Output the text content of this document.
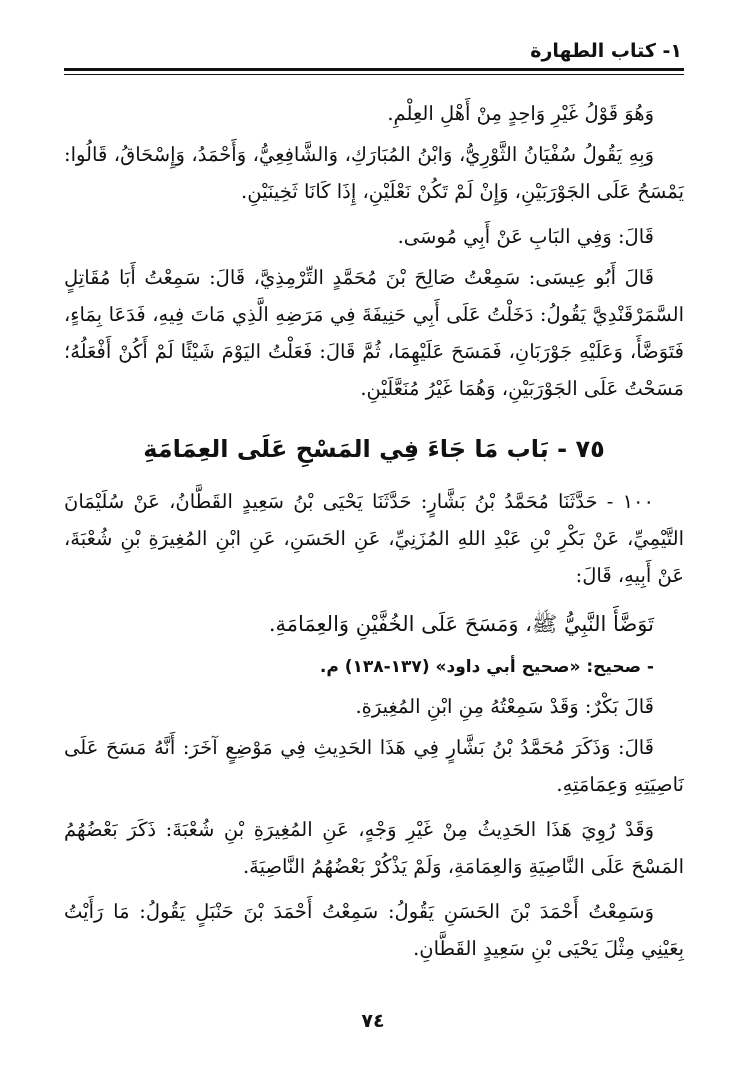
١- كتاب الطهارة

وَهُوَ قَوْلُ غَيْرِ وَاحِدٍ مِنْ أَهْلِ العِلْمِ.

وَبِهِ يَقُولُ سُفْيَانُ الثَّوْرِيُّ، وَابْنُ المُبَارَكِ، وَالشَّافِعِيُّ، وَأَحْمَدُ، وَإِسْحَاقُ، قَالُوا: يَمْسَحُ عَلَى الجَوْرَبَيْنِ، وَإِنْ لَمْ تَكُنْ نَعْلَيْنِ، إِذَا كَانَا ثَخِينَيْنِ.

قَالَ: وَفِي البَابِ عَنْ أَبِي مُوسَى.

قَالَ أَبُو عِيسَى: سَمِعْتُ صَالِحَ بْنَ مُحَمَّدٍ التِّرْمِذِيَّ، قَالَ: سَمِعْتُ أَبَا مُقَاتِلٍ السَّمَرْقَنْدِيَّ يَقُولُ: دَخَلْتُ عَلَى أَبِي حَنِيفَةَ فِي مَرَضِهِ الَّذِي مَاتَ فِيهِ، فَدَعَا بِمَاءٍ، فَتَوَضَّأَ، وَعَلَيْهِ جَوْرَبَانِ، فَمَسَحَ عَلَيْهِمَا، ثُمَّ قَالَ: فَعَلْتُ اليَوْمَ شَيْئًا لَمْ أَكُنْ أَفْعَلُهُ؛ مَسَحْتُ عَلَى الجَوْرَبَيْنِ، وَهُمَا غَيْرُ مُنَعَّلَيْنِ.

٧٥ - بَاب مَا جَاءَ فِي المَسْحِ عَلَى العِمَامَةِ

١٠٠ - حَدَّثَنَا مُحَمَّدُ بْنُ بَشَّارٍ: حَدَّثَنَا يَحْيَى بْنُ سَعِيدٍ القَطَّانُ، عَنْ سُلَيْمَانَ التَّيْمِيِّ، عَنْ بَكْرِ بْنِ عَبْدِ اللهِ المُزَنِيِّ، عَنِ الحَسَنِ، عَنِ ابْنِ المُغِيرَةِ بْنِ شُعْبَةَ، عَنْ أَبِيهِ، قَالَ:

تَوَضَّأَ النَّبِيُّ ﷺ، وَمَسَحَ عَلَى الخُفَّيْنِ وَالعِمَامَةِ.

- صحيح: «صحيح أبي داود» (١٣٧-١٣٨) م.

قَالَ بَكْرٌ: وَقَدْ سَمِعْتُهُ مِنِ ابْنِ المُغِيرَةِ.

قَالَ: وَذَكَرَ مُحَمَّدُ بْنُ بَشَّارٍ فِي هَذَا الحَدِيثِ فِي مَوْضِعٍ آخَرَ: أَنَّهُ مَسَحَ عَلَى نَاصِيَتِهِ وَعِمَامَتِهِ.

وَقَدْ رُوِيَ هَذَا الحَدِيثُ مِنْ غَيْرِ وَجْهٍ، عَنِ المُغِيرَةِ بْنِ شُعْبَةَ: ذَكَرَ بَعْضُهُمُ المَسْحَ عَلَى النَّاصِيَةِ وَالعِمَامَةِ، وَلَمْ يَذْكُرْ بَعْضُهُمُ النَّاصِيَةَ.

وَسَمِعْتُ أَحْمَدَ بْنَ الحَسَنِ يَقُولُ: سَمِعْتُ أَحْمَدَ بْنَ حَنْبَلٍ يَقُولُ: مَا رَأَيْتُ بِعَيْنِي مِثْلَ يَحْيَى بْنِ سَعِيدٍ القَطَّانِ.

٧٤
